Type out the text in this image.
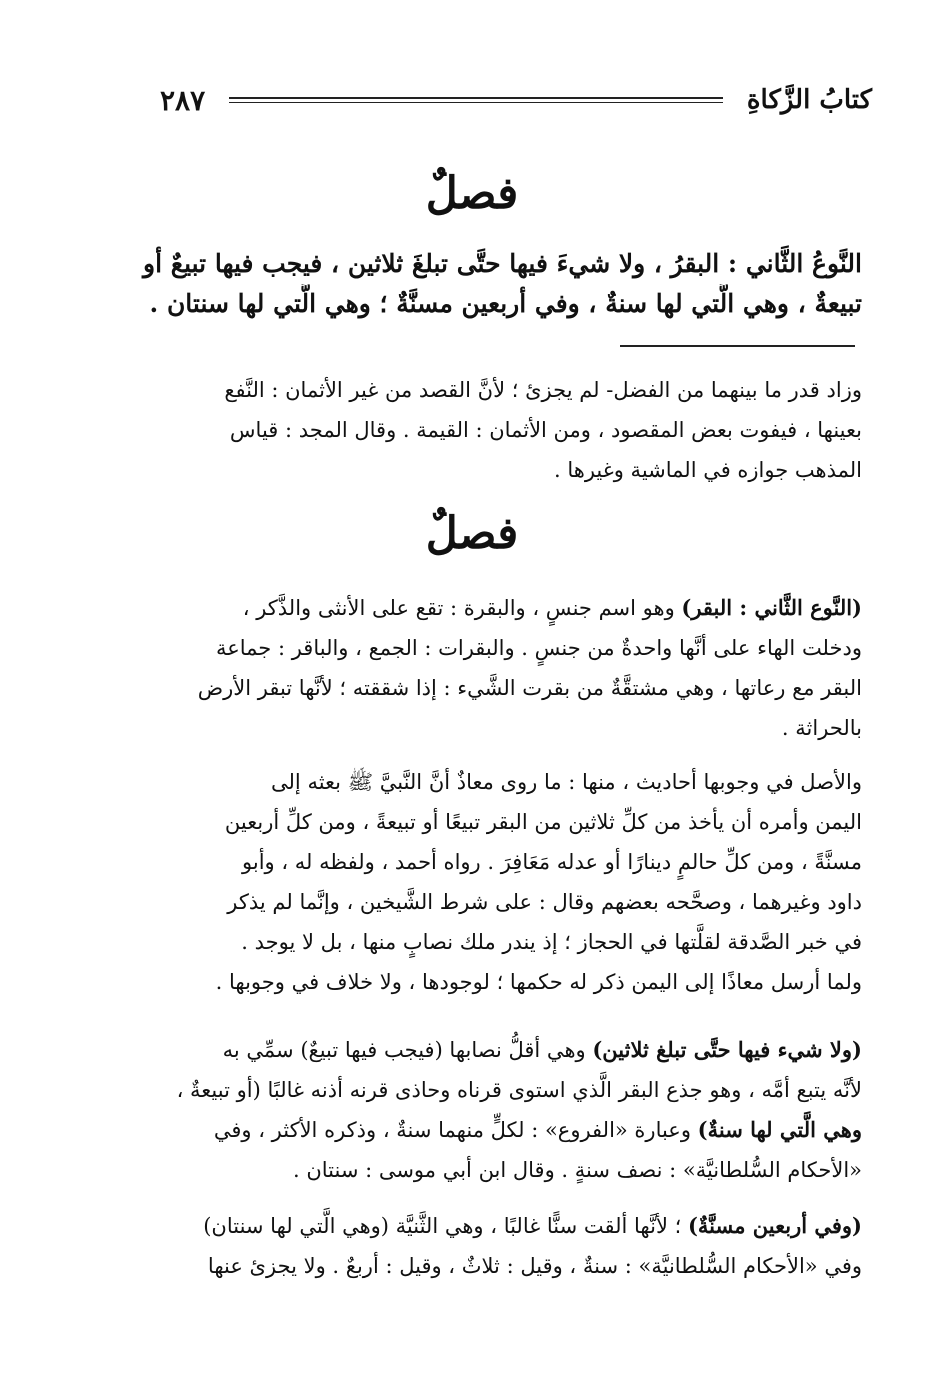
كتابُ الزَّكاةِ
٢٨٧
فصلٌ
النَّوعُ الثَّاني : البقرُ ، ولا شيءَ فيها حتَّى تبلغَ ثلاثين ، فيجب فيها تبيعٌ أو
تبيعةٌ ، وهي الَّتي لها سنةٌ ، وفي أربعين مسنَّةٌ ؛ وهي الَّتي لها سنتان .
وزاد قدر ما بينهما من الفضل- لم يجزئ ؛ لأنَّ القصد من غير الأثمان : النَّفع
بعينها ، فيفوت بعض المقصود ، ومن الأثمان : القيمة . وقال المجد : قياس
المذهب جوازه في الماشية وغيرها .
فصلٌ
(النَّوع الثَّاني : البقر) وهو اسم جنسٍ ، والبقرة : تقع على الأنثى والذَّكر ،
ودخلت الهاء على أنَّها واحدةٌ من جنسٍ . والبقرات : الجمع ، والباقر : جماعة
البقر مع رعاتها ، وهي مشتقَّةٌ من بقرت الشَّيء : إذا شققته ؛ لأنَّها تبقر الأرض
بالحراثة .
والأصل في وجوبها أحاديث ، منها : ما روى معاذٌ أنَّ النَّبيَّ ﷺ بعثه إلى
اليمن وأمره أن يأخذ من كلِّ ثلاثين من البقر تبيعًا أو تبيعةً ، ومن كلِّ أربعين
مسنَّةً ، ومن كلِّ حالمٍ دينارًا أو عدله مَعَافِرَ . رواه أحمد ، ولفظه له ، وأبو
داود وغيرهما ، وصحَّحه بعضهم وقال : على شرط الشَّيخين ، وإنَّما لم يذكر
في خبر الصَّدقة لقلَّتها في الحجاز ؛ إذ يندر ملك نصابٍ منها ، بل لا يوجد .
ولما أرسل معاذًا إلى اليمن ذكر له حكمها ؛ لوجودها ، ولا خلاف في وجوبها .
(ولا شيء فيها حتَّى تبلغ ثلاثين) وهي أقلُّ نصابها (فيجب فيها تبيعٌ) سمِّي به
لأنَّه يتبع أمَّه ، وهو جذع البقر الَّذي استوى قرناه وحاذى قرنه أذنه غالبًا (أو تبيعةٌ ،
وهي الَّتي لها سنةٌ) وعبارة «الفروع» : لكلٍّ منهما سنةٌ ، وذكره الأكثر ، وفي
«الأحكام السُّلطانيَّة» : نصف سنةٍ . وقال ابن أبي موسى : سنتان .
(وفي أربعين مسنَّةٌ) ؛ لأنَّها ألقت سنًّا غالبًا ، وهي الثَّنيَّة (وهي الَّتي لها سنتان)
وفي «الأحكام السُّلطانيَّة» : سنةٌ ، وقيل : ثلاثٌ ، وقيل : أربعٌ . ولا يجزئ عنها
